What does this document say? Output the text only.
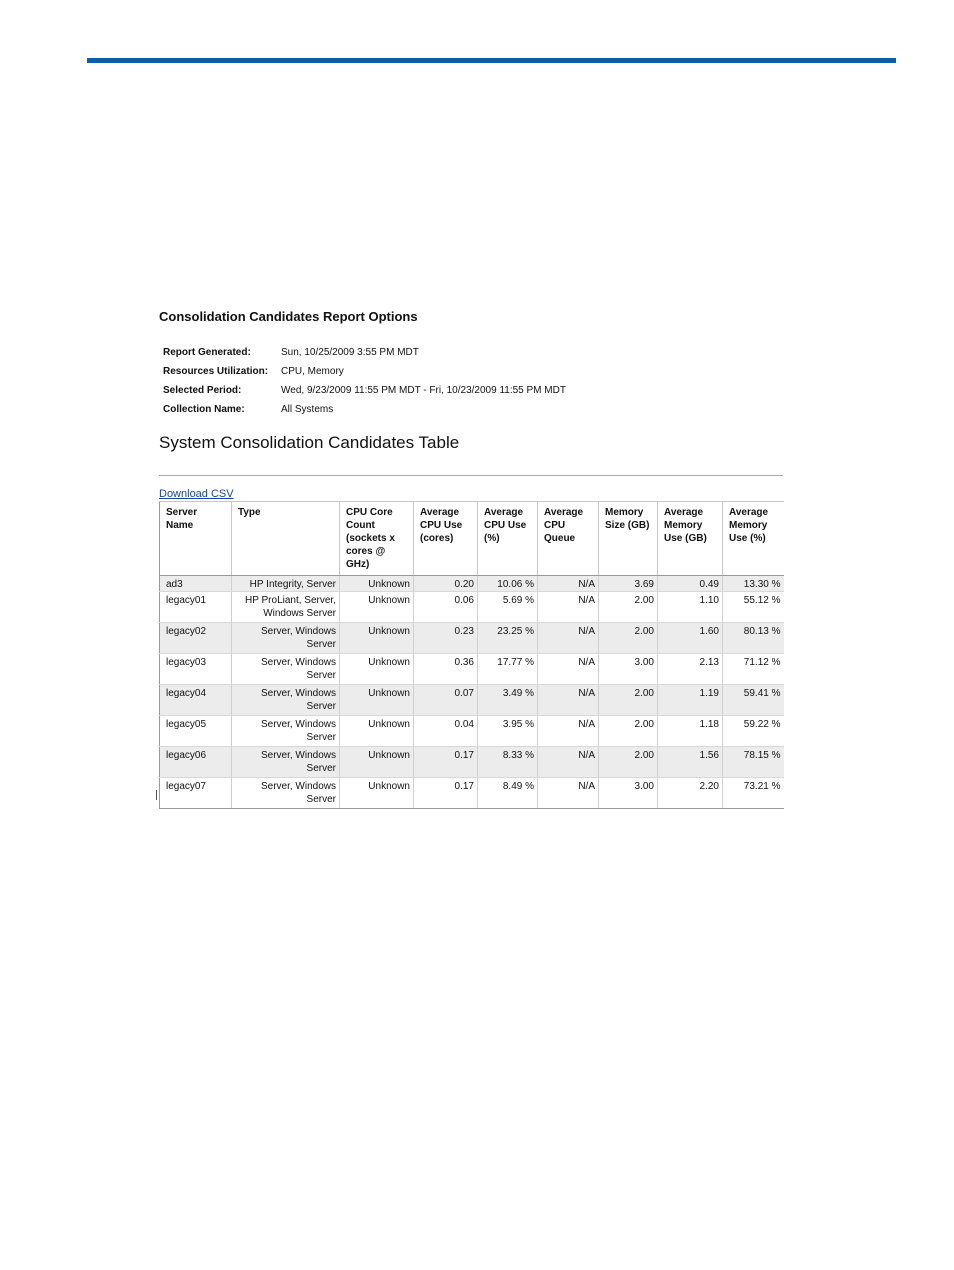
Consolidation Candidates Report Options
Report Generated:	Sun, 10/25/2009 3:55 PM MDT
Resources Utilization:	CPU, Memory
Selected Period:	Wed, 9/23/2009 11:55 PM MDT - Fri, 10/23/2009 11:55 PM MDT
Collection Name:	All Systems
System Consolidation Candidates Table
Download CSV
Server Name	Type	CPU Core Count (sockets x cores @ GHz)	Average CPU Use (cores)	Average CPU Use (%)	Average CPU Queue	Memory Size (GB)	Average Memory Use (GB)	Average Memory Use (%)
ad3	HP Integrity, Server	Unknown	0.20	10.06 %	N/A	3.69	0.49	13.30 %
legacy01	HP ProLiant, Server, Windows Server	Unknown	0.06	5.69 %	N/A	2.00	1.10	55.12 %
legacy02	Server, Windows Server	Unknown	0.23	23.25 %	N/A	2.00	1.60	80.13 %
legacy03	Server, Windows Server	Unknown	0.36	17.77 %	N/A	3.00	2.13	71.12 %
legacy04	Server, Windows Server	Unknown	0.07	3.49 %	N/A	2.00	1.19	59.41 %
legacy05	Server, Windows Server	Unknown	0.04	3.95 %	N/A	2.00	1.18	59.22 %
legacy06	Server, Windows Server	Unknown	0.17	8.33 %	N/A	2.00	1.56	78.15 %
legacy07	Server, Windows Server	Unknown	0.17	8.49 %	N/A	3.00	2.20	73.21 %
